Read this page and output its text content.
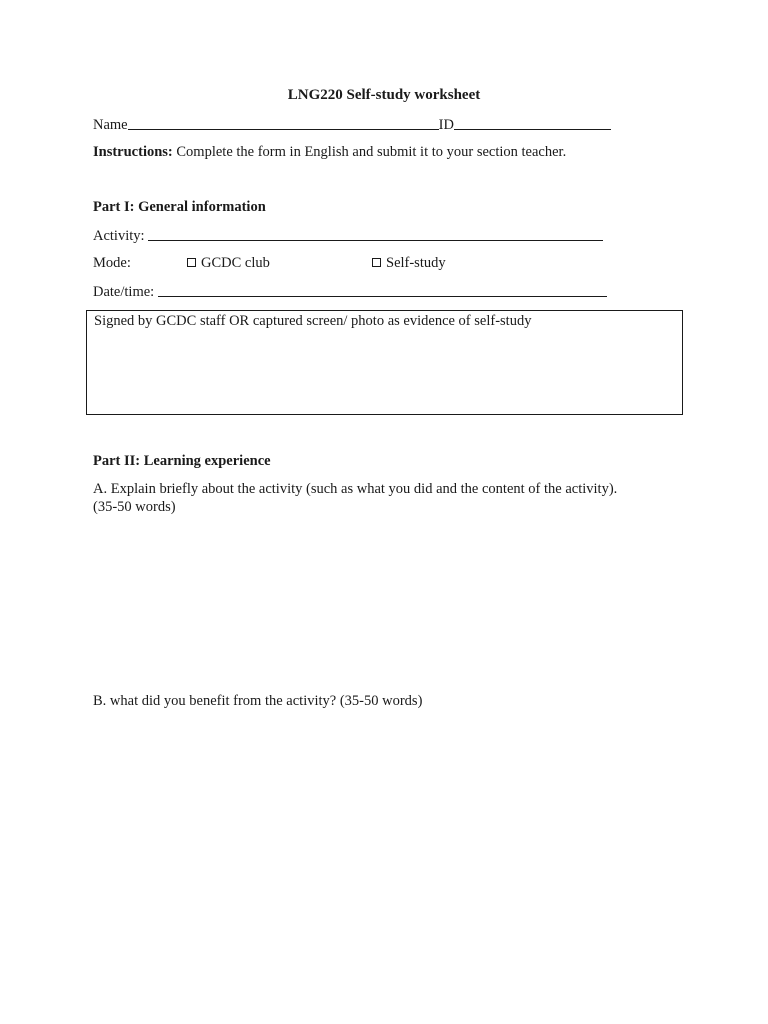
LNG220 Self-study worksheet
Name	ID
Instructions: Complete the form in English and submit it to your section teacher.
Part I: General information
Activity:
Mode:	GCDC club	Self-study
Date/time:
Signed by GCDC staff OR captured screen/ photo as evidence of self-study
Part II: Learning experience
A. Explain briefly about the activity (such as what you did and the content of the activity).
(35-50 words)
B. what did you benefit from the activity? (35-50 words)
